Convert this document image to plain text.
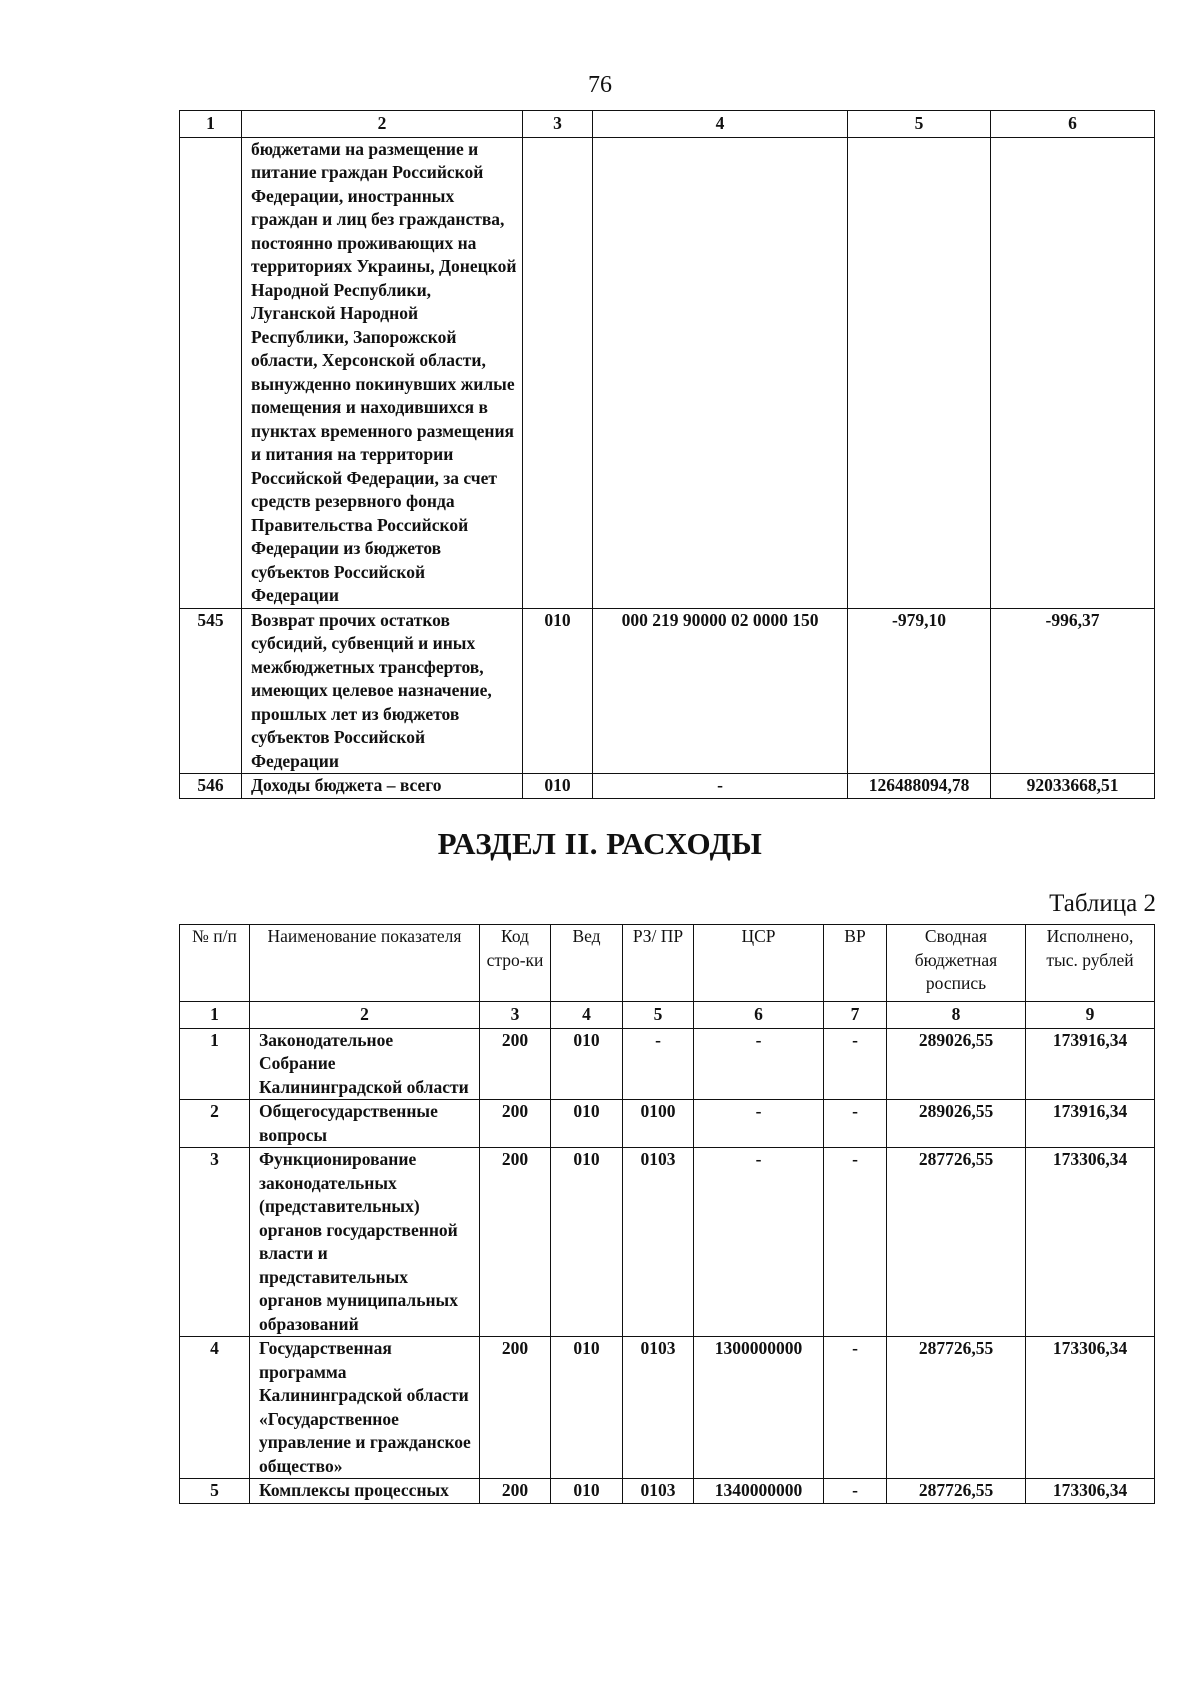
76
1	2	3	4	5	6
	бюджетами на размещение и питание граждан Российской Федерации, иностранных граждан и лиц без гражданства, постоянно проживающих на территориях Украины, Донецкой Народной Республики, Луганской Народной Республики, Запорожской области, Херсонской области, вынужденно покинувших жилые помещения и находившихся в пунктах временного размещения и питания на территории Российской Федерации, за счет средств резервного фонда Правительства Российской Федерации из бюджетов субъектов Российской Федерации				
545	Возврат прочих остатков субсидий, субвенций и иных межбюджетных трансфертов, имеющих целевое назначение, прошлых лет из бюджетов субъектов Российской Федерации	010	000 219 90000 02 0000 150	-979,10	-996,37
546	Доходы бюджета – всего	010	-	126488094,78	92033668,51
РАЗДЕЛ II. РАСХОДЫ
Таблица 2
№ п/п	Наименование показателя	Код стро-ки	Вед	РЗ/ ПР	ЦСР	ВР	Сводная бюджетная роспись	Исполнено, тыс. рублей
1	2	3	4	5	6	7	8	9
1	Законодательное Собрание Калининградской области	200	010	-	-	-	289026,55	173916,34
2	Общегосударственные вопросы	200	010	0100	-	-	289026,55	173916,34
3	Функционирование законодательных (представительных) органов государственной власти и представительных органов муниципальных образований	200	010	0103	-	-	287726,55	173306,34
4	Государственная программа Калининградской области «Государственное управление и гражданское общество»	200	010	0103	1300000000	-	287726,55	173306,34
5	Комплексы процессных	200	010	0103	1340000000	-	287726,55	173306,34
